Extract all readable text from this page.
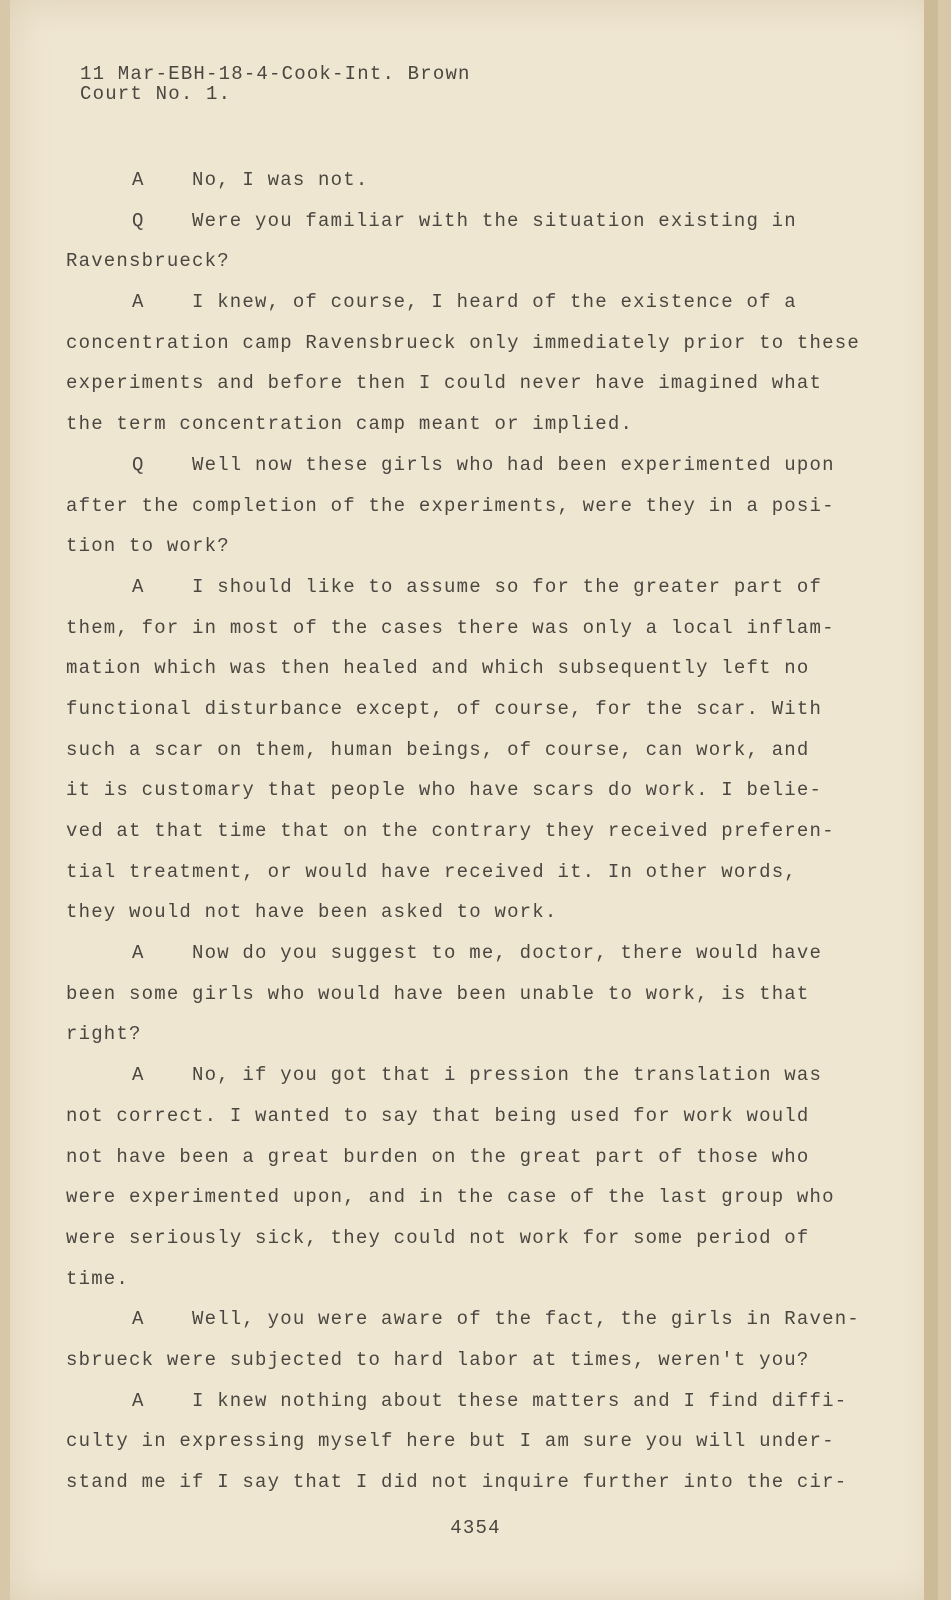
11 Mar-EBH-18-4-Cook-Int. Brown
Court No. 1.
A No, I was not.
Q Were you familiar with the situation existing in
Ravensbrueck?
A I knew, of course, I heard of the existence of a
concentration camp Ravensbrueck only immediately prior to these
experiments and before then I could never have imagined what
the term concentration camp meant or implied.
Q Well now these girls who had been experimented upon
after the completion of the experiments, were they in a posi-
tion to work?
A I should like to assume so for the greater part of
them, for in most of the cases there was only a local inflam-
mation which was then healed and which subsequently left no
functional disturbance except, of course, for the scar. With
such a scar on them, human beings, of course, can work, and
it is customary that people who have scars do work. I belie-
ved at that time that on the contrary they received preferen-
tial treatment, or would have received it. In other words,
they would not have been asked to work.
A Now do you suggest to me, doctor, there would have
been some girls who would have been unable to work, is that
right?
A No, if you got that i pression the translation was
not correct. I wanted to say that being used for work would
not have been a great burden on the great part of those who
were experimented upon, and in the case of the last group who
were seriously sick, they could not work for some period of
time.
A Well, you were aware of the fact, the girls in Raven-
sbrueck were subjected to hard labor at times, weren't you?
A I knew nothing about these matters and I find diffi-
culty in expressing myself here but I am sure you will under-
stand me if I say that I did not inquire further into the cir-
4354
